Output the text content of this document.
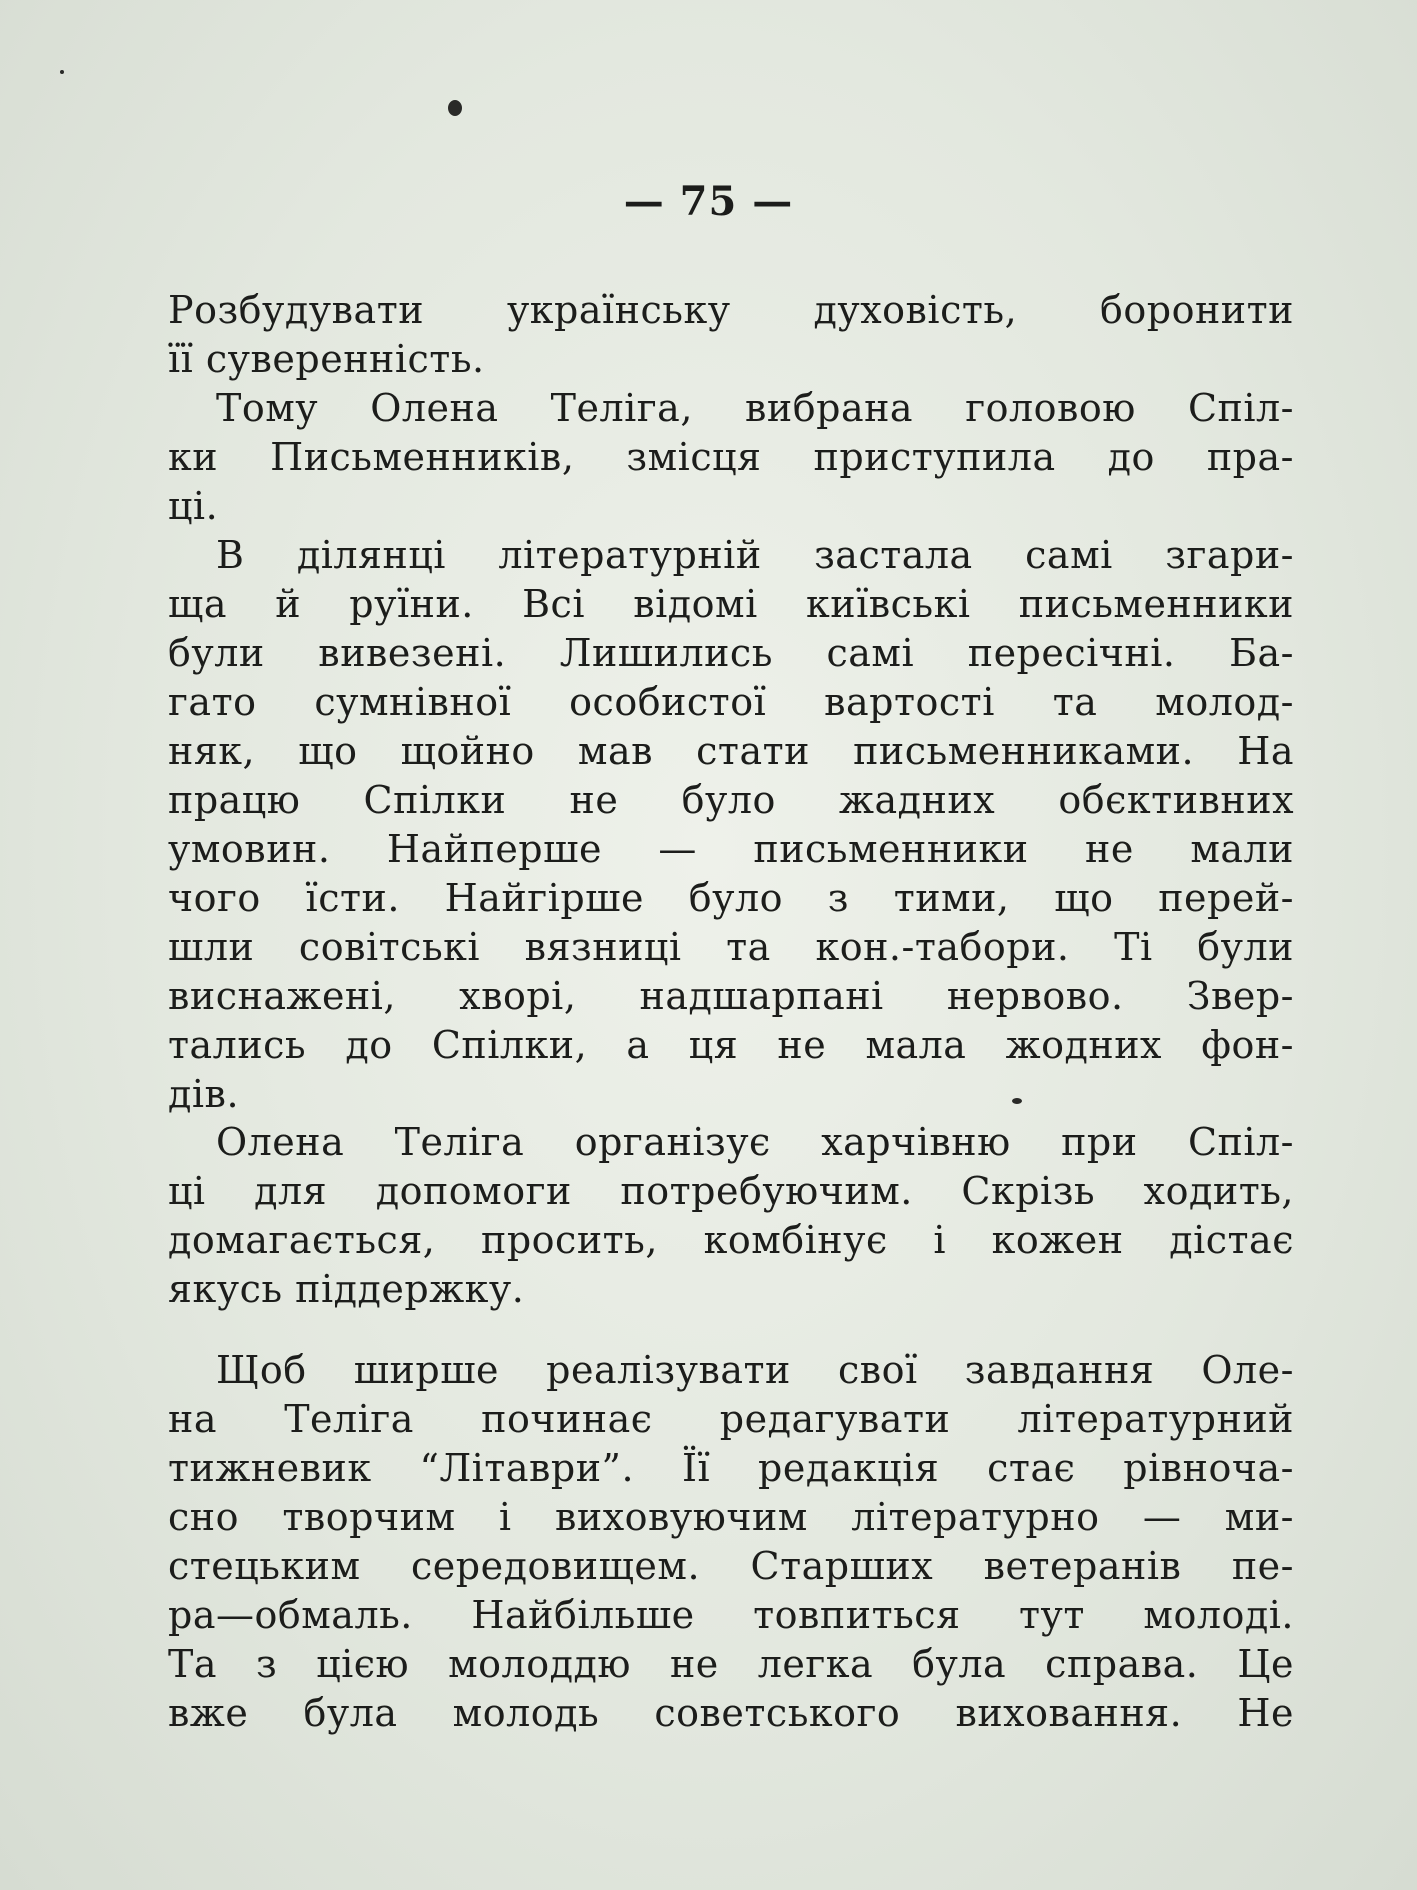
— 75 —
Розбудувати українську духовість, боронити
її суверенність.
Тому Олена Теліга, вибрана головою Спіл-
ки Письменників, змісця приступила до пра-
ці.
В ділянці літературній застала самі згари-
ща й руїни. Всі відомі київські письменники
були вивезені. Лишились самі пересічні. Ба-
гато сумнівної особистої вартості та молод-
няк, що щойно мав стати письменниками. На
працю Спілки не було жадних обєктивних
умовин. Найперше — письменники не мали
чого їсти. Найгірше було з тими, що перей-
шли совітські вязниці та кон.-табори. Ті були
виснажені, хворі, надшарпані нервово. Звер-
тались до Спілки, а ця не мала жодних фон-
дів.
Олена Теліга організує харчівню при Спіл-
ці для допомоги потребуючим. Скрізь ходить,
домагається, просить, комбінує і кожен дістає
якусь піддержку.
Щоб ширше реалізувати свої завдання Оле-
на Теліга починає редагувати літературний
тижневик “Літаври”. Її редакція стає рівноча-
сно творчим і виховуючим літературно — ми-
стецьким середовищем. Старших ветеранів пе-
ра—обмаль. Найбільше товпиться тут молоді.
Та з цією молоддю не легка була справа. Це
вже була молодь советського виховання. Не
